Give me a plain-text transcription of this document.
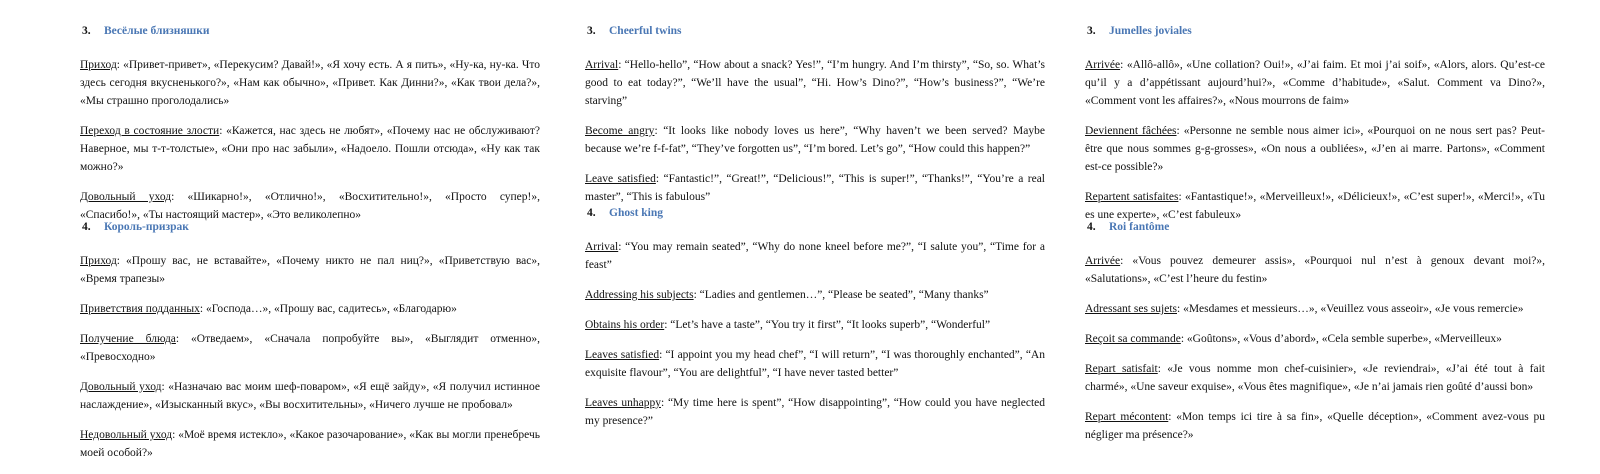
3. Весёлые близняшки

Приход: «Привет-привет», «Перекусим? Давай!», «Я хочу есть. А я пить», «Ну-ка, ну-ка. Что здесь сегодня вкусненького?», «Нам как обычно», «Привет. Как Динни?», «Как твои дела?», «Мы страшно проголодались»

Переход в состояние злости: «Кажется, нас здесь не любят», «Почему нас не обслуживают? Наверное, мы т-т-толстые», «Они про нас забыли», «Надоело. Пошли отсюда», «Ну как так можно?»

Довольный уход: «Шикарно!», «Отлично!», «Восхитительно!», «Просто супер!», «Спасибо!», «Ты настоящий мастер», «Это великолепно»

4. Король-призрак

Приход: «Прошу вас, не вставайте», «Почему никто не пал ниц?», «Приветствую вас», «Время трапезы»

Приветствия подданных: «Господа…», «Прошу вас, садитесь», «Благодарю»

Получение блюда: «Отведаем», «Сначала попробуйте вы», «Выглядит отменно», «Превосходно»

Довольный уход: «Назначаю вас моим шеф-поваром», «Я ещё зайду», «Я получил истинное наслаждение», «Изысканный вкус», «Вы восхитительны», «Ничего лучше не пробовал»

Недовольный уход: «Моё время истекло», «Какое разочарование», «Как вы могли пренебречь моей особой?»

3. Cheerful twins

Arrival: “Hello-hello”, “How about a snack? Yes!”, “I’m hungry. And I’m thirsty”, “So, so. What’s good to eat today?”, “We’ll have the usual”, “Hi. How’s Dino?”, “How’s business?”, “We’re starving”

Become angry: “It looks like nobody loves us here”, “Why haven’t we been served? Maybe because we’re f-f-fat”, “They’ve forgotten us”, “I’m bored. Let’s go”, “How could this happen?”

Leave satisfied: “Fantastic!”, “Great!”, “Delicious!”, “This is super!”, “Thanks!”, “You’re a real master”, “This is fabulous”

4. Ghost king

Arrival: “You may remain seated”, “Why do none kneel before me?”, “I salute you”, “Time for a feast”

Addressing his subjects: “Ladies and gentlemen…”, “Please be seated”, “Many thanks”

Obtains his order: “Let’s have a taste”, “You try it first”, “It looks superb”, “Wonderful”

Leaves satisfied: “I appoint you my head chef”, “I will return”, “I was thoroughly enchanted”, “An exquisite flavour”, “You are delightful”, “I have never tasted better”

Leaves unhappy: “My time here is spent”, “How disappointing”, “How could you have neglected my presence?”

3. Jumelles joviales

Arrivée: «Allô-allô», «Une collation? Oui!», «J’ai faim. Et moi j’ai soif», «Alors, alors. Qu’est-ce qu’il y a d’appétissant aujourd’hui?», «Comme d’habitude», «Salut. Comment va Dino?», «Comment vont les affaires?», «Nous mourrons de faim»

Deviennent fâchées: «Personne ne semble nous aimer ici», «Pourquoi on ne nous sert pas? Peut-être que nous sommes g-g-grosses», «On nous a oubliées», «J’en ai marre. Partons», «Comment est-ce possible?»

Repartent satisfaites: «Fantastique!», «Merveilleux!», «Délicieux!», «C’est super!», «Merci!», «Tu es une experte», «C’est fabuleux»

4. Roi fantôme

Arrivée: «Vous pouvez demeurer assis», «Pourquoi nul n’est à genoux devant moi?», «Salutations», «C’est l’heure du festin»

Adressant ses sujets: «Mesdames et messieurs…», «Veuillez vous asseoir», «Je vous remercie»

Reçoit sa commande: «Goûtons», «Vous d’abord», «Cela semble superbe», «Merveilleux»

Repart satisfait: «Je vous nomme mon chef-cuisinier», «Je reviendrai», «J’ai été tout à fait charmé», «Une saveur exquise», «Vous êtes magnifique», «Je n’ai jamais rien goûté d’aussi bon»

Repart mécontent: «Mon temps ici tire à sa fin», «Quelle déception», «Comment avez-vous pu négliger ma présence?»
